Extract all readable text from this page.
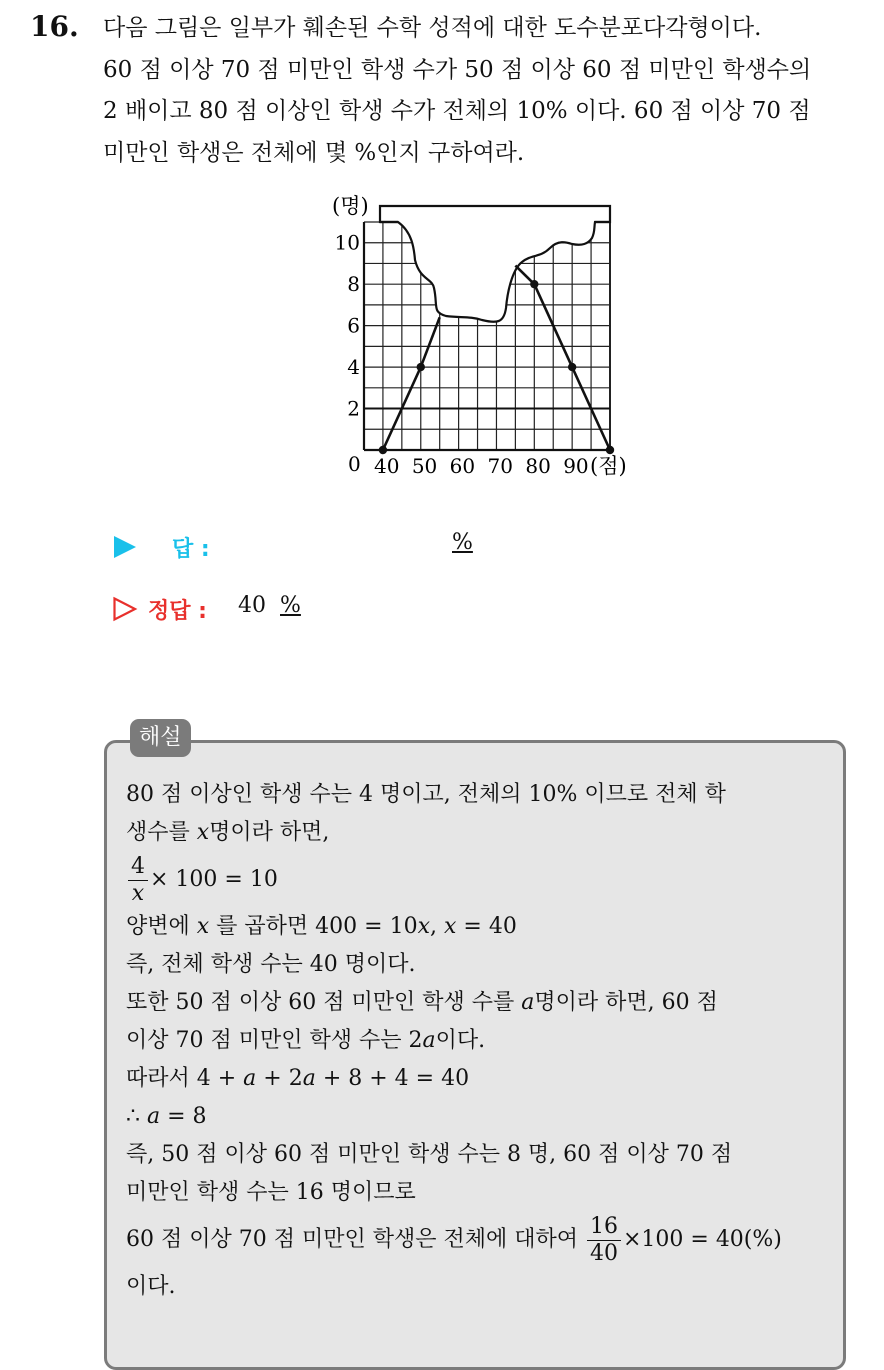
16. 다음 그림은 일부가 훼손된 수학 성적에 대한 도수분포다각형이다.
60 점 이상 70 점 미만인 학생 수가 50 점 이상 60 점 미만인 학생수의
2 배이고 80 점 이상인 학생 수가 전체의 10% 이다. 60 점 이상 70 점
미만인 학생은 전체에 몇 %인지 구하여라.
40 50 60 70 80 90
2
4
6
8
10
(명)
(점)
0
답 :	%
정답 : 40 %
해설
80 점 이상인 학생 수는 4 명이고, 전체의 10% 이므로 전체 학
생수를 x명이라 하면,
$\frac{4}{x} \times 100 = 10$
양변에 x 를 곱하면 400 = 10x, x = 40
즉, 전체 학생 수는 40 명이다.
또한 50 점 이상 60 점 미만인 학생 수를 a명이라 하면, 60 점
이상 70 점 미만인 학생 수는 2a이다.
따라서 4 + a + 2a + 8 + 4 = 40
∴ a = 8
즉, 50 점 이상 60 점 미만인 학생 수는 8 명, 60 점 이상 70 점
미만인 학생 수는 16 명이므로
60 점 이상 70 점 미만인 학생은 전체에 대하여 $\frac{16}{40} \times 100 = 40(\%)$
이다.
